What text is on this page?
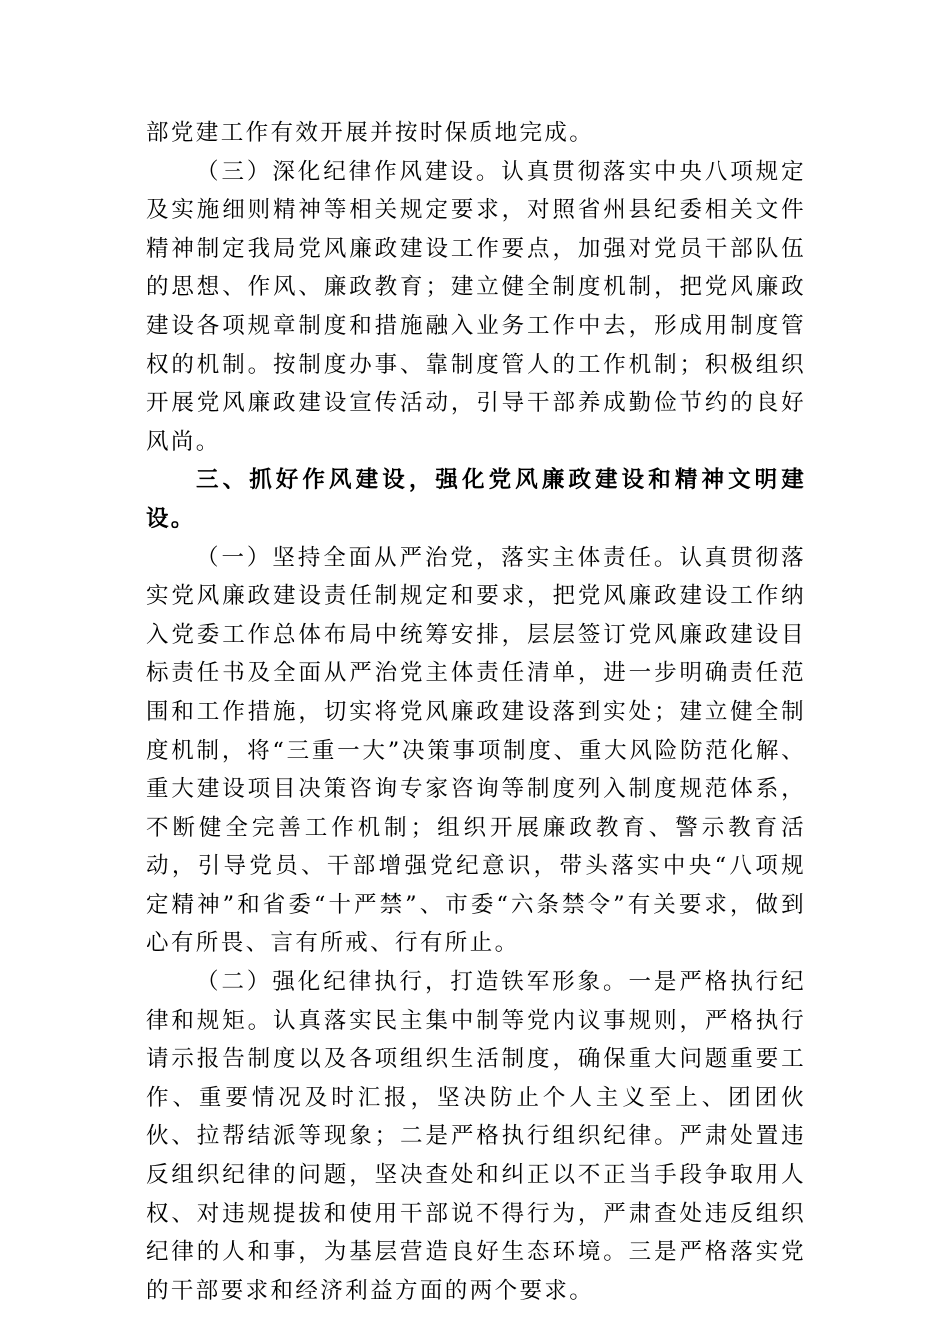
部党建工作有效开展并按时保质地完成。

（三）深化纪律作风建设。认真贯彻落实中央八项规定及实施细则精神等相关规定要求，对照省州县纪委相关文件精神制定我局党风廉政建设工作要点，加强对党员干部队伍的思想、作风、廉政教育；建立健全制度机制，把党风廉政建设各项规章制度和措施融入业务工作中去，形成用制度管权的机制。按制度办事、靠制度管人的工作机制；积极组织开展党风廉政建设宣传活动，引导干部养成勤俭节约的良好风尚。

三、抓好作风建设，强化党风廉政建设和精神文明建设。

（一）坚持全面从严治党，落实主体责任。认真贯彻落实党风廉政建设责任制规定和要求，把党风廉政建设工作纳入党委工作总体布局中统筹安排，层层签订党风廉政建设目标责任书及全面从严治党主体责任清单，进一步明确责任范围和工作措施，切实将党风廉政建设落到实处；建立健全制度机制，将“三重一大”决策事项制度、重大风险防范化解、重大建设项目决策咨询专家咨询等制度列入制度规范体系，不断健全完善工作机制；组织开展廉政教育、警示教育活动，引导党员、干部增强党纪意识，带头落实中央“八项规定精神”和省委“十严禁”、市委“六条禁令”有关要求，做到心有所畏、言有所戒、行有所止。

（二）强化纪律执行，打造铁军形象。一是严格执行纪律和规矩。认真落实民主集中制等党内议事规则，严格执行请示报告制度以及各项组织生活制度，确保重大问题重要工作、重要情况及时汇报，坚决防止个人主义至上、团团伙伙、拉帮结派等现象；二是严格执行组织纪律。严肃处置违反组织纪律的问题，坚决查处和纠正以不正当手段争取用人权、对违规提拔和使用干部说不得行为，严肃查处违反组织纪律的人和事，为基层营造良好生态环境。三是严格落实党的干部要求和经济利益方面的两个要求。
